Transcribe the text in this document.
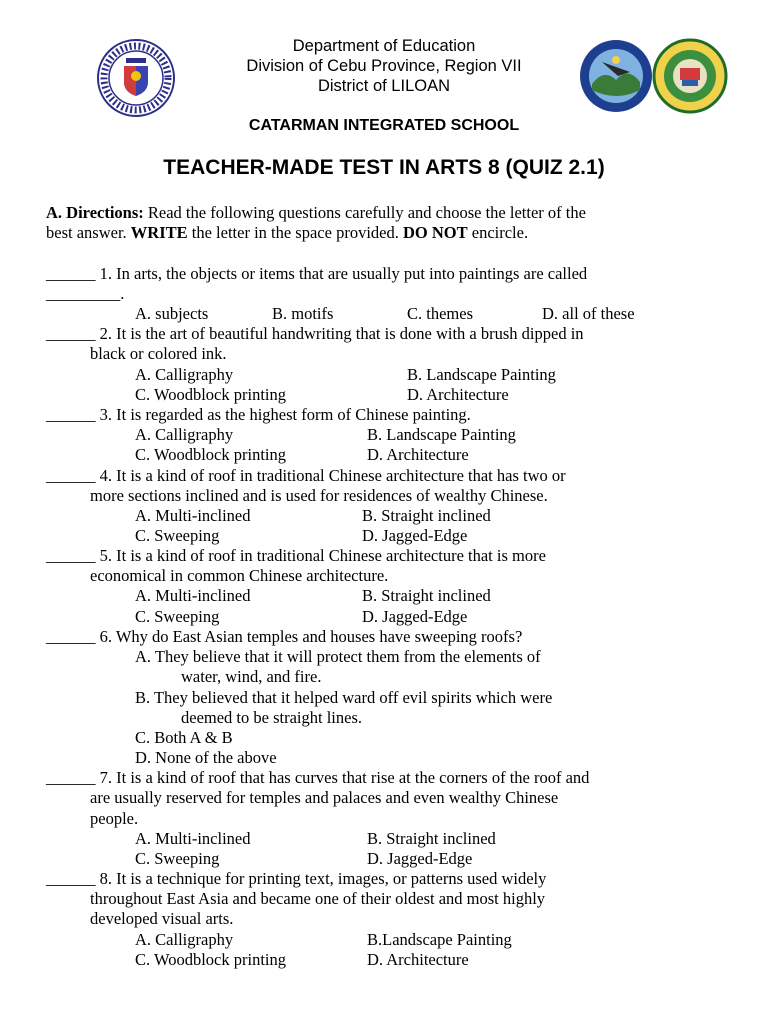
Department of Education
Division of Cebu Province, Region VII
District of LILOAN
CATARMAN INTEGRATED SCHOOL
TEACHER-MADE TEST IN ARTS 8 (QUIZ 2.1)
A. Directions: Read the following questions carefully and choose the letter of the
best answer. WRITE the letter in the space provided. DO NOT encircle.
______ 1. In arts, the objects or items that are usually put into paintings are called
_________.
A. subjects	B. motifs	C. themes	D. all of these
______ 2. It is the art of beautiful handwriting that is done with a brush dipped in
black or colored ink.
A. Calligraphy	B. Landscape Painting
C. Woodblock printing	D. Architecture
______ 3. It is regarded as the highest form of Chinese painting.
A. Calligraphy	B. Landscape Painting
C. Woodblock printing	D. Architecture
______ 4. It is a kind of roof in traditional Chinese architecture that has two or
more sections inclined and is used for residences of wealthy Chinese.
A. Multi-inclined	B. Straight inclined
C. Sweeping	D. Jagged-Edge
______ 5. It is a kind of roof in traditional Chinese architecture that is more
economical in common Chinese architecture.
A. Multi-inclined	B. Straight inclined
C. Sweeping	D. Jagged-Edge
______ 6. Why do East Asian temples and houses have sweeping roofs?
A. They believe that it will protect them from the elements of
water, wind, and fire.
B. They believed that it helped ward off evil spirits which were
deemed to be straight lines.
C. Both A & B
D. None of the above
______ 7. It is a kind of roof that has curves that rise at the corners of the roof and
are usually reserved for temples and palaces and even wealthy Chinese
people.
A. Multi-inclined	B. Straight inclined
C. Sweeping	D. Jagged-Edge
______ 8. It is a technique for printing text, images, or patterns used widely
throughout East Asia and became one of their oldest and most highly
developed visual arts.
A. Calligraphy	B.Landscape Painting
C. Woodblock printing	D. Architecture
